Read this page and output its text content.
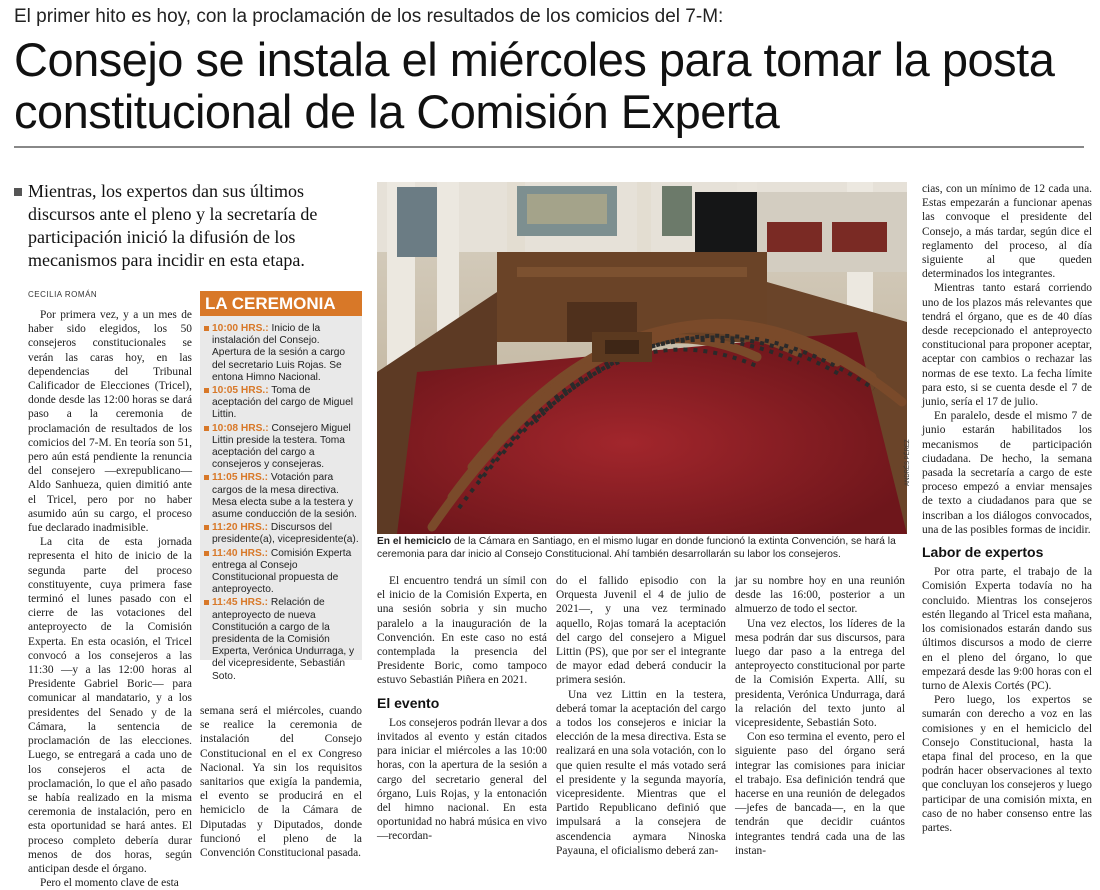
El primer hito es hoy, con la proclamación de los resultados de los comicios del 7-M:
Consejo se instala el miércoles para tomar la posta constitucional de la Comisión Experta
Mientras, los expertos dan sus últimos discursos ante el pleno y la secretaría de participación inició la difusión de los mecanismos para incidir en esta etapa.
CECILIA ROMÁN

Por primera vez, y a un mes de haber sido elegidos, los 50 consejeros constitucionales se verán las caras hoy, en las dependencias del Tribunal Calificador de Elecciones (Tricel), donde desde las 12:00 horas se dará paso a la ceremonia de proclamación de resultados de los comicios del 7-M. En teoría son 51, pero aún está pendiente la renuncia del consejero —exrepublicano— Aldo Sanhueza, quien dimitió ante el Tricel, pero por no haber asumido aún su cargo, el proceso fue declarado inadmisible.

La cita de esta jornada representa el hito de inicio de la segunda parte del proceso constituyente, cuya primera fase terminó el lunes pasado con el cierre de las votaciones del anteproyecto de la Comisión Experta. En esta ocasión, el Tricel convocó a los consejeros a las 11:30 —y a las 12:00 horas al Presidente Gabriel Boric— para comunicar al mandatario, y a los presidentes del Senado y de la Cámara, la sentencia de proclamación de las elecciones. Luego, se entregará a cada uno de los consejeros el acta de proclamación, lo que el año pasado se había realizado en la misma ceremonia de instalación, pero en esta oportunidad se hará antes. El proceso completo debería durar menos de dos horas, según anticipan desde el órgano.

Pero el momento clave de esta

LA CEREMONIA
10:00 HRS.: Inicio de la instalación del Consejo. Apertura de la sesión a cargo del secretario Luis Rojas. Se entona Himno Nacional.
10:05 HRS.: Toma de aceptación del cargo de Miguel Littin.
10:08 HRS.: Consejero Miguel Littin preside la testera. Toma aceptación del cargo a consejeros y consejeras.
11:05 HRS.: Votación para cargos de la mesa directiva. Mesa electa sube a la testera y asume conducción de la sesión.
11:20 HRS.: Discursos del presidente(a), vicepresidente(a).
11:40 HRS.: Comisión Experta entrega al Consejo Constitucional propuesta de anteproyecto.
11:45 HRS.: Relación de anteproyecto de nueva Constitución a cargo de la presidenta de la Comisión Experta, Verónica Undurraga, y del vicepresidente, Sebastián Soto.

semana será el miércoles, cuando se realice la ceremonia de instalación del Consejo Constitucional en el ex Congreso Nacional. Ya sin los requisitos sanitarios que exigía la pandemia, el evento se producirá en el hemiciclo de la Cámara de Diputadas y Diputados, donde funcionó el pleno de la Convención Constitucional pasada.

ANDRÉS PÉREZ
En el hemiciclo de la Cámara en Santiago, en el mismo lugar en donde funcionó la extinta Convención, se hará la ceremonia para dar inicio al Consejo Constitucional. Ahí también desarrollarán su labor los consejeros.

El encuentro tendrá un símil con el inicio de la Comisión Experta, en una sesión sobria y sin mucho paralelo a la inauguración de la Convención. En este caso no está contemplada la presencia del Presidente Boric, como tampoco estuvo Sebastián Piñera en 2021.

El evento

Los consejeros podrán llevar a dos invitados al evento y están citados para iniciar el miércoles a las 10:00 horas, con la apertura de la sesión a cargo del secretario general del órgano, Luis Rojas, y la entonación del himno nacional. En esta oportunidad no habrá música en vivo —recordan-

do el fallido episodio con la Orquesta Juvenil el 4 de julio de 2021—, y una vez terminado aquello, Rojas tomará la aceptación del cargo del consejero a Miguel Littin (PS), que por ser el integrante de mayor edad deberá conducir la primera sesión.

Una vez Littin en la testera, deberá tomar la aceptación del cargo a todos los consejeros e iniciar la elección de la mesa directiva. Esta se realizará en una sola votación, con lo que quien resulte el más votado será el presidente y la segunda mayoría, vicepresidente. Mientras que el Partido Republicano definió que impulsará a la consejera de ascendencia aymara Ninoska Payauna, el oficialismo deberá zan-

jar su nombre hoy en una reunión desde las 16:00, posterior a un almuerzo de todo el sector.

Una vez electos, los líderes de la mesa podrán dar sus discursos, para luego dar paso a la entrega del anteproyecto constitucional por parte de la Comisión Experta. Allí, su presidenta, Verónica Undurraga, dará la relación del texto junto al vicepresidente, Sebastián Soto.

Con eso termina el evento, pero el siguiente paso del órgano será integrar las comisiones para iniciar el trabajo. Esa definición tendrá que hacerse en una reunión de delegados —jefes de bancada—, en la que tendrán que decidir cuántos integrantes tendrá cada una de las instan-

cias, con un mínimo de 12 cada una. Estas empezarán a funcionar apenas las convoque el presidente del Consejo, a más tardar, según dice el reglamento del proceso, al día siguiente al que queden determinados los integrantes.

Mientras tanto estará corriendo uno de los plazos más relevantes que tendrá el órgano, que es de 40 días desde recepcionado el anteproyecto constitucional para proponer aceptar, aceptar con cambios o rechazar las normas de ese texto. La fecha límite para esto, si se cuenta desde el 7 de junio, sería el 17 de julio.

En paralelo, desde el mismo 7 de junio estarán habilitados los mecanismos de participación ciudadana. De hecho, la semana pasada la secretaría a cargo de este proceso empezó a enviar mensajes de texto a ciudadanos para que se inscriban a los diálogos convocados, una de las posibles formas de incidir.

Labor de expertos

Por otra parte, el trabajo de la Comisión Experta todavía no ha concluido. Mientras los consejeros estén llegando al Tricel esta mañana, los comisionados estarán dando sus últimos discursos a modo de cierre en el pleno del órgano, lo que empezará desde las 9:00 horas con el turno de Alexis Cortés (PC).

Pero luego, los expertos se sumarán con derecho a voz en las comisiones y en el hemiciclo del Consejo Constitucional, hasta la etapa final del proceso, en la que podrán hacer observaciones al texto que concluyan los consejeros y luego participar de una comisión mixta, en caso de no haber consenso entre las partes.
